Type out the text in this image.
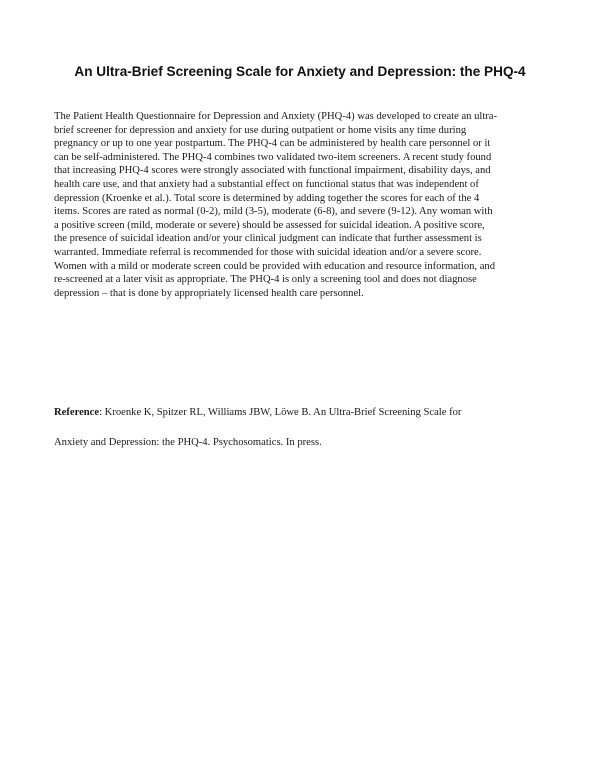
An Ultra-Brief Screening Scale for Anxiety and Depression: the PHQ-4
The Patient Health Questionnaire for Depression and Anxiety (PHQ-4) was developed to create an ultra-
brief screener for depression and anxiety for use during outpatient or home visits any time during
pregnancy or up to one year postpartum. The PHQ-4 can be administered by health care personnel or it
can be self-administered. The PHQ-4 combines two validated two-item screeners. A recent study found
that increasing PHQ-4 scores were strongly associated with functional impairment, disability days, and
health care use, and that anxiety had a substantial effect on functional status that was independent of
depression (Kroenke et al.). Total score is determined by adding together the scores for each of the 4
items. Scores are rated as normal (0-2), mild (3-5), moderate (6-8), and severe (9-12). Any woman with
a positive screen (mild, moderate or severe) should be assessed for suicidal ideation. A positive score,
the presence of suicidal ideation and/or your clinical judgment can indicate that further assessment is
warranted. Immediate referral is recommended for those with suicidal ideation and/or a severe score.
Women with a mild or moderate screen could be provided with education and resource information, and
re-screened at a later visit as appropriate. The PHQ-4 is only a screening tool and does not diagnose
depression – that is done by appropriately licensed health care personnel.
Reference: Kroenke K, Spitzer RL, Williams JBW, Löwe B. An Ultra-Brief Screening Scale for
Anxiety and Depression: the PHQ-4. Psychosomatics. In press.
